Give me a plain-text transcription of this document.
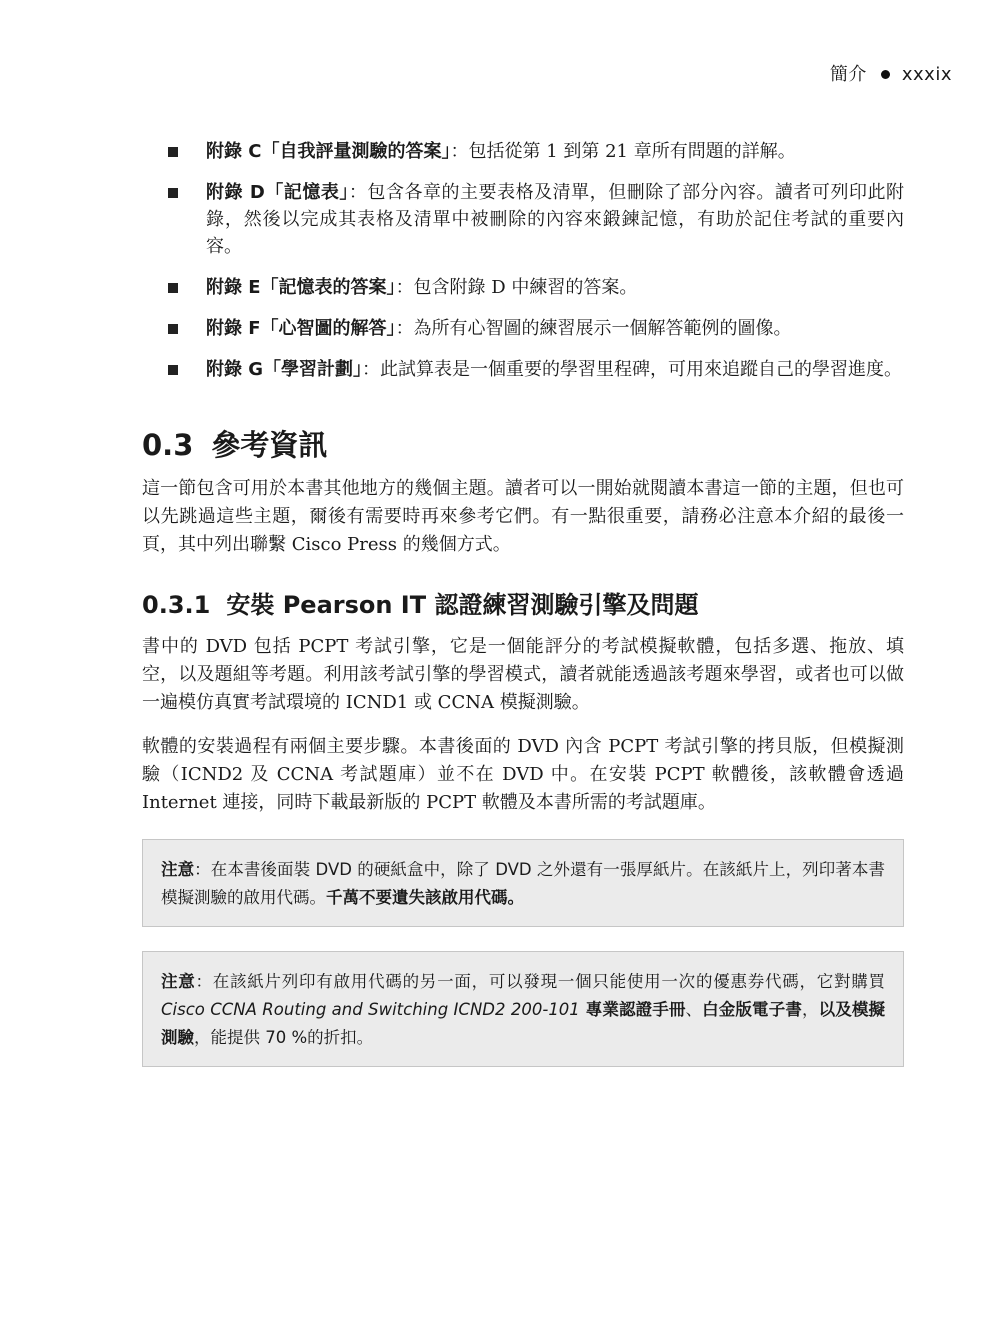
簡介 xxxix
附錄 C「自我評量測驗的答案」：包括從第 1 到第 21 章所有問題的詳解。
附錄 D「記憶表」：包含各章的主要表格及清單，但刪除了部分內容。讀者可列印此附錄，然後以完成其表格及清單中被刪除的內容來鍛鍊記憶，有助於記住考試的重要內容。
附錄 E「記憶表的答案」：包含附錄 D 中練習的答案。
附錄 F「心智圖的解答」：為所有心智圖的練習展示一個解答範例的圖像。
附錄 G「學習計劃」：此試算表是一個重要的學習里程碑，可用來追蹤自己的學習進度。
0.3 參考資訊

這一節包含可用於本書其他地方的幾個主題。讀者可以一開始就閱讀本書這一節的主題，但也可以先跳過這些主題，爾後有需要時再來參考它們。有一點很重要，請務必注意本介紹的最後一頁，其中列出聯繫 Cisco Press 的幾個方式。

0.3.1 安裝 Pearson IT 認證練習測驗引擎及問題

書中的 DVD 包括 PCPT 考試引擎，它是一個能評分的考試模擬軟體，包括多選、拖放、填空，以及題組等考題。利用該考試引擎的學習模式，讀者就能透過該考題來學習，或者也可以做一遍模仿真實考試環境的 ICND1 或 CCNA 模擬測驗。

軟體的安裝過程有兩個主要步驟。本書後面的 DVD 內含 PCPT 考試引擎的拷貝版，但模擬測驗（ICND2 及 CCNA 考試題庫）並不在 DVD 中。在安裝 PCPT 軟體後，該軟體會透過 Internet 連接，同時下載最新版的 PCPT 軟體及本書所需的考試題庫。

注意：在本書後面裝 DVD 的硬紙盒中，除了 DVD 之外還有一張厚紙片。在該紙片上，列印著本書模擬測驗的啟用代碼。千萬不要遺失該啟用代碼。
注意：在該紙片列印有啟用代碼的另一面，可以發現一個只能使用一次的優惠券代碼，它對購買 Cisco CCNA Routing and Switching ICND2 200-101 專業認證手冊、白金版電子書，以及模擬測驗，能提供 70 %的折扣。
